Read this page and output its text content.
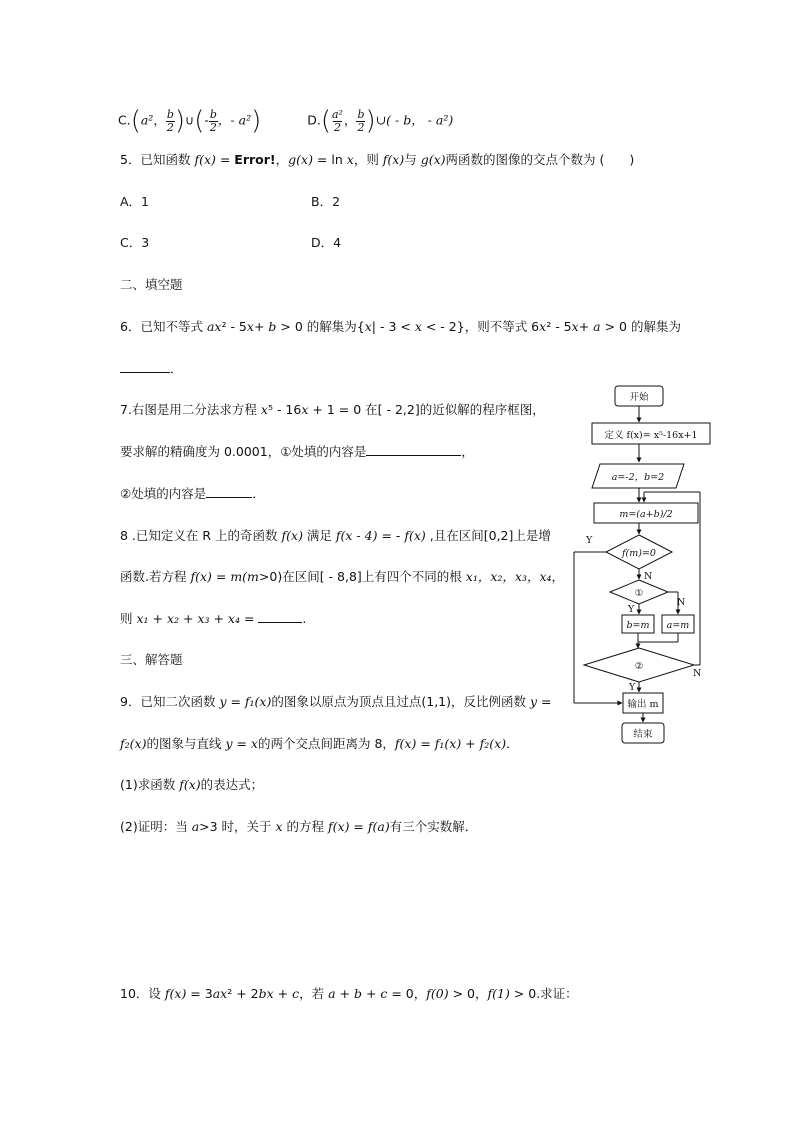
C.(a²， $\frac{b}{2}$ )∪(- $\frac{b}{2}$ ，- a²)	$D.( \frac{\text{a²}}{2}$ ， $\frac{b}{2}$ )∪( - b， - a²)
5．已知函数 f(x) = Error!，g(x) = ln x，则 f(x)与 g(x)两函数的图像的交点个数为 (　　)
A．1	B．2
C．3	D．4
二、填空题
6．已知不等式 ax² - 5x+ b > 0 的解集为{x| - 3 < x < - 2}，则不等式 6x² - 5x+ a > 0 的解集为
．
7.右图是用二分法求方程 x⁵ - 16x + 1 = 0 在[ - 2,2]的近似解的程序框图，
要求解的精确度为 0.0001，①处填的内容是	，
②处填的内容是	．
8 .已知定义在 R 上的奇函数 f(x) 满足 f(x - 4) = - f(x) ,且在区间[0,2]上是增
函数.若方程 f(x) = m(m>0)在区间[ - 8,8]上有四个不同的根 x₁，x₂，x₃，x₄，
则 x₁ + x₂ + x₃ + x₄ =	.
三、解答题
9．已知二次函数 y = f₁(x)的图象以原点为顶点且过点(1,1)，反比例函数 y =
f₂(x)的图象与直线 y = x的两个交点间距离为 8，f(x) = f₁(x) + f₂(x)．
(1)求函数 f(x)的表达式；
(2)证明：当 a>3 时，关于 x 的方程 f(x) = f(a)有三个实数解．
10．设 f(x) = 3ax² + 2bx + c，若 a + b + c = 0，f(0) > 0，f(1) > 0.求证：
开始
定义 f(x)= x⁵-16x+1
a=-2，b=2
m=(a+b)/2
f(m)=0
N
Y
①
Y
N
b=m a=m
②
Y
N
输出 m
结束
